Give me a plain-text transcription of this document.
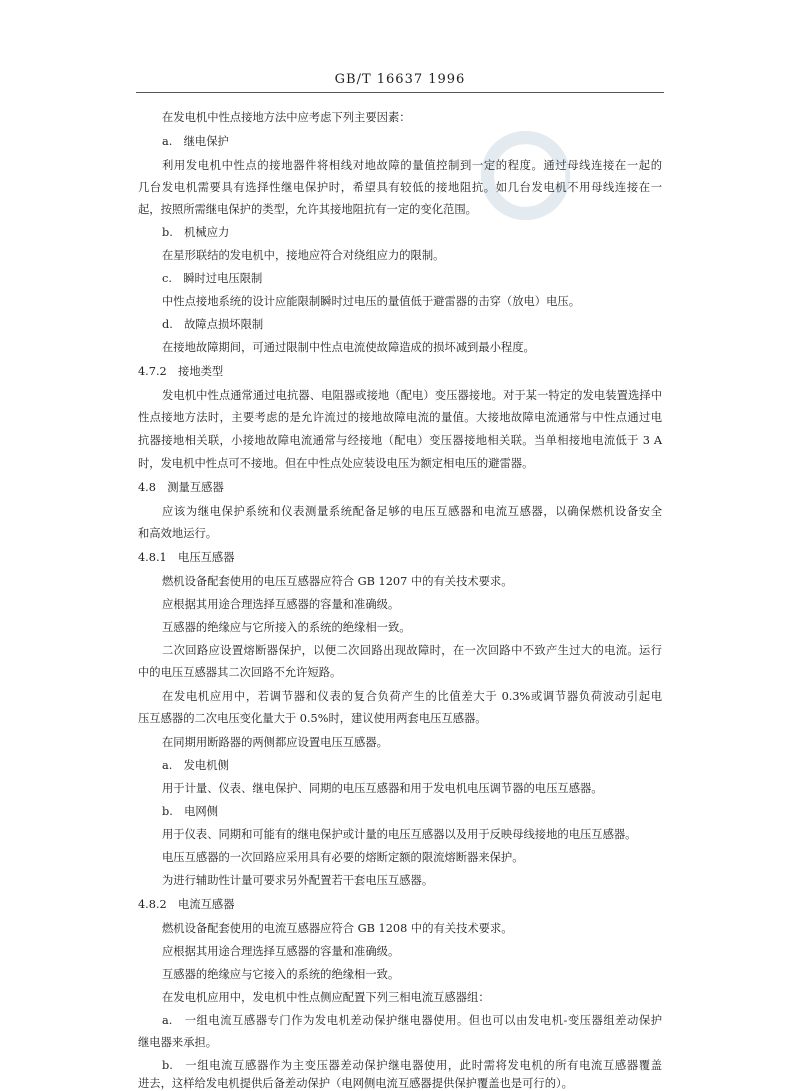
GB/T 16637 1996
在发电机中性点接地方法中应考虑下列主要因素：
a.　继电保护
利用发电机中性点的接地器件将相线对地故障的量值控制到一定的程度。通过母线连接在一起的
几台发电机需要具有选择性继电保护时，希望具有较低的接地阻抗。如几台发电机不用母线连接在一
起，按照所需继电保护的类型，允许其接地阻抗有一定的变化范围。
b.　机械应力
在星形联结的发电机中，接地应符合对绕组应力的限制。
c.　瞬时过电压限制
中性点接地系统的设计应能限制瞬时过电压的量值低于避雷器的击穿（放电）电压。
d.　故障点损坏限制
在接地故障期间，可通过限制中性点电流使故障造成的损坏减到最小程度。
4.7.2　接地类型
发电机中性点通常通过电抗器、电阻器或接地（配电）变压器接地。对于某一特定的发电装置选择中
性点接地方法时，主要考虑的是允许流过的接地故障电流的量值。大接地故障电流通常与中性点通过电
抗器接地相关联，小接地故障电流通常与经接地（配电）变压器接地相关联。当单相接地电流低于 3 A
时，发电机中性点可不接地。但在中性点处应装设电压为额定相电压的避雷器。
4.8　测量互感器
应该为继电保护系统和仪表测量系统配备足够的电压互感器和电流互感器，以确保燃机设备安全
和高效地运行。
4.8.1　电压互感器
燃机设备配套使用的电压互感器应符合 GB 1207 中的有关技术要求。
应根据其用途合理选择互感器的容量和准确级。
互感器的绝缘应与它所接入的系统的绝缘相一致。
二次回路应设置熔断器保护，以便二次回路出现故障时，在一次回路中不致产生过大的电流。运行
中的电压互感器其二次回路不允许短路。
在发电机应用中，若调节器和仪表的复合负荷产生的比值差大于 0.3%或调节器负荷波动引起电
压互感器的二次电压变化量大于 0.5%时，建议使用两套电压互感器。
在同期用断路器的两侧都应设置电压互感器。
a.　发电机侧
用于计量、仪表、继电保护、同期的电压互感器和用于发电机电压调节器的电压互感器。
b.　电网侧
用于仪表、同期和可能有的继电保护或计量的电压互感器以及用于反映母线接地的电压互感器。
电压互感器的一次回路应采用具有必要的熔断定额的限流熔断器来保护。
为进行辅助性计量可要求另外配置若干套电压互感器。
4.8.2　电流互感器
燃机设备配套使用的电流互感器应符合 GB 1208 中的有关技术要求。
应根据其用途合理选择互感器的容量和准确级。
互感器的绝缘应与它接入的系统的绝缘相一致。
在发电机应用中，发电机中性点侧应配置下列三相电流互感器组：
a.　一组电流互感器专门作为发电机差动保护继电器使用。但也可以由发电机-变压器组差动保护
继电器来承担。
b.　一组电流互感器作为主变压器差动保护继电器使用，此时需将发电机的所有电流互感器覆盖
进去，这样给发电机提供后备差动保护（电网侧电流互感器提供保护覆盖也是可行的）。
